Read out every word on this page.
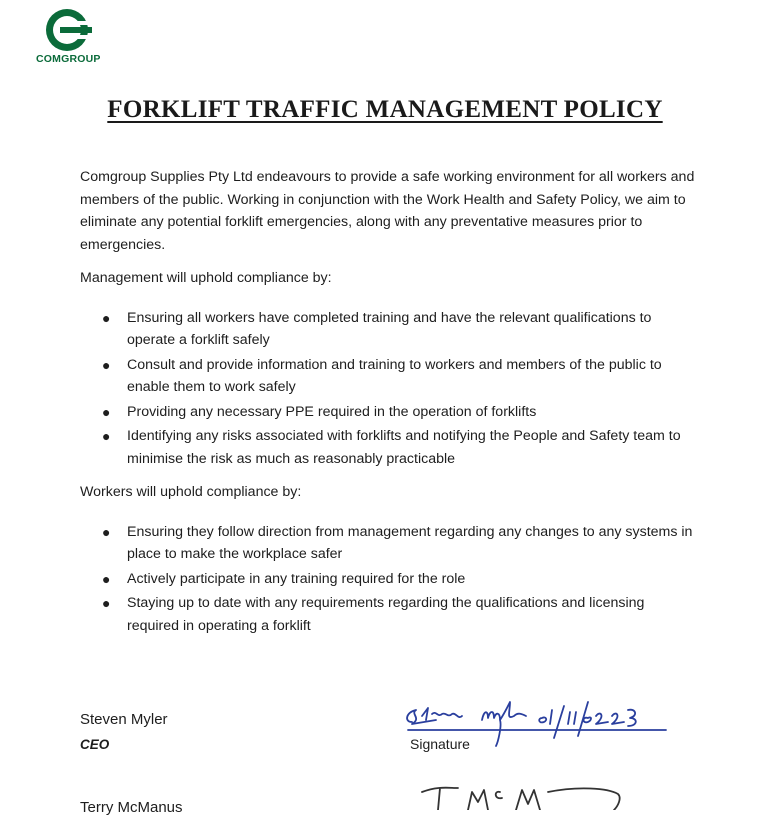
COMGROUP
FORKLIFT TRAFFIC MANAGEMENT POLICY

Comgroup Supplies Pty Ltd endeavours to provide a safe working environment for all workers and members of the public. Working in conjunction with the Work Health and Safety Policy, we aim to eliminate any potential forklift emergencies, along with any preventative measures prior to emergencies.

Management will uphold compliance by:

● Ensuring all workers have completed training and have the relevant qualifications to operate a forklift safely
● Consult and provide information and training to workers and members of the public to enable them to work safely
● Providing any necessary PPE required in the operation of forklifts
● Identifying any risks associated with forklifts and notifying the People and Safety team to minimise the risk as much as reasonably practicable

Workers will uphold compliance by:

● Ensuring they follow direction from management regarding any changes to any systems in place to make the workplace safer
● Actively participate in any training required for the role
● Staying up to date with any requirements regarding the qualifications and licensing required in operating a forklift
Steven Myler
CEO	Signature
Terry McManus
